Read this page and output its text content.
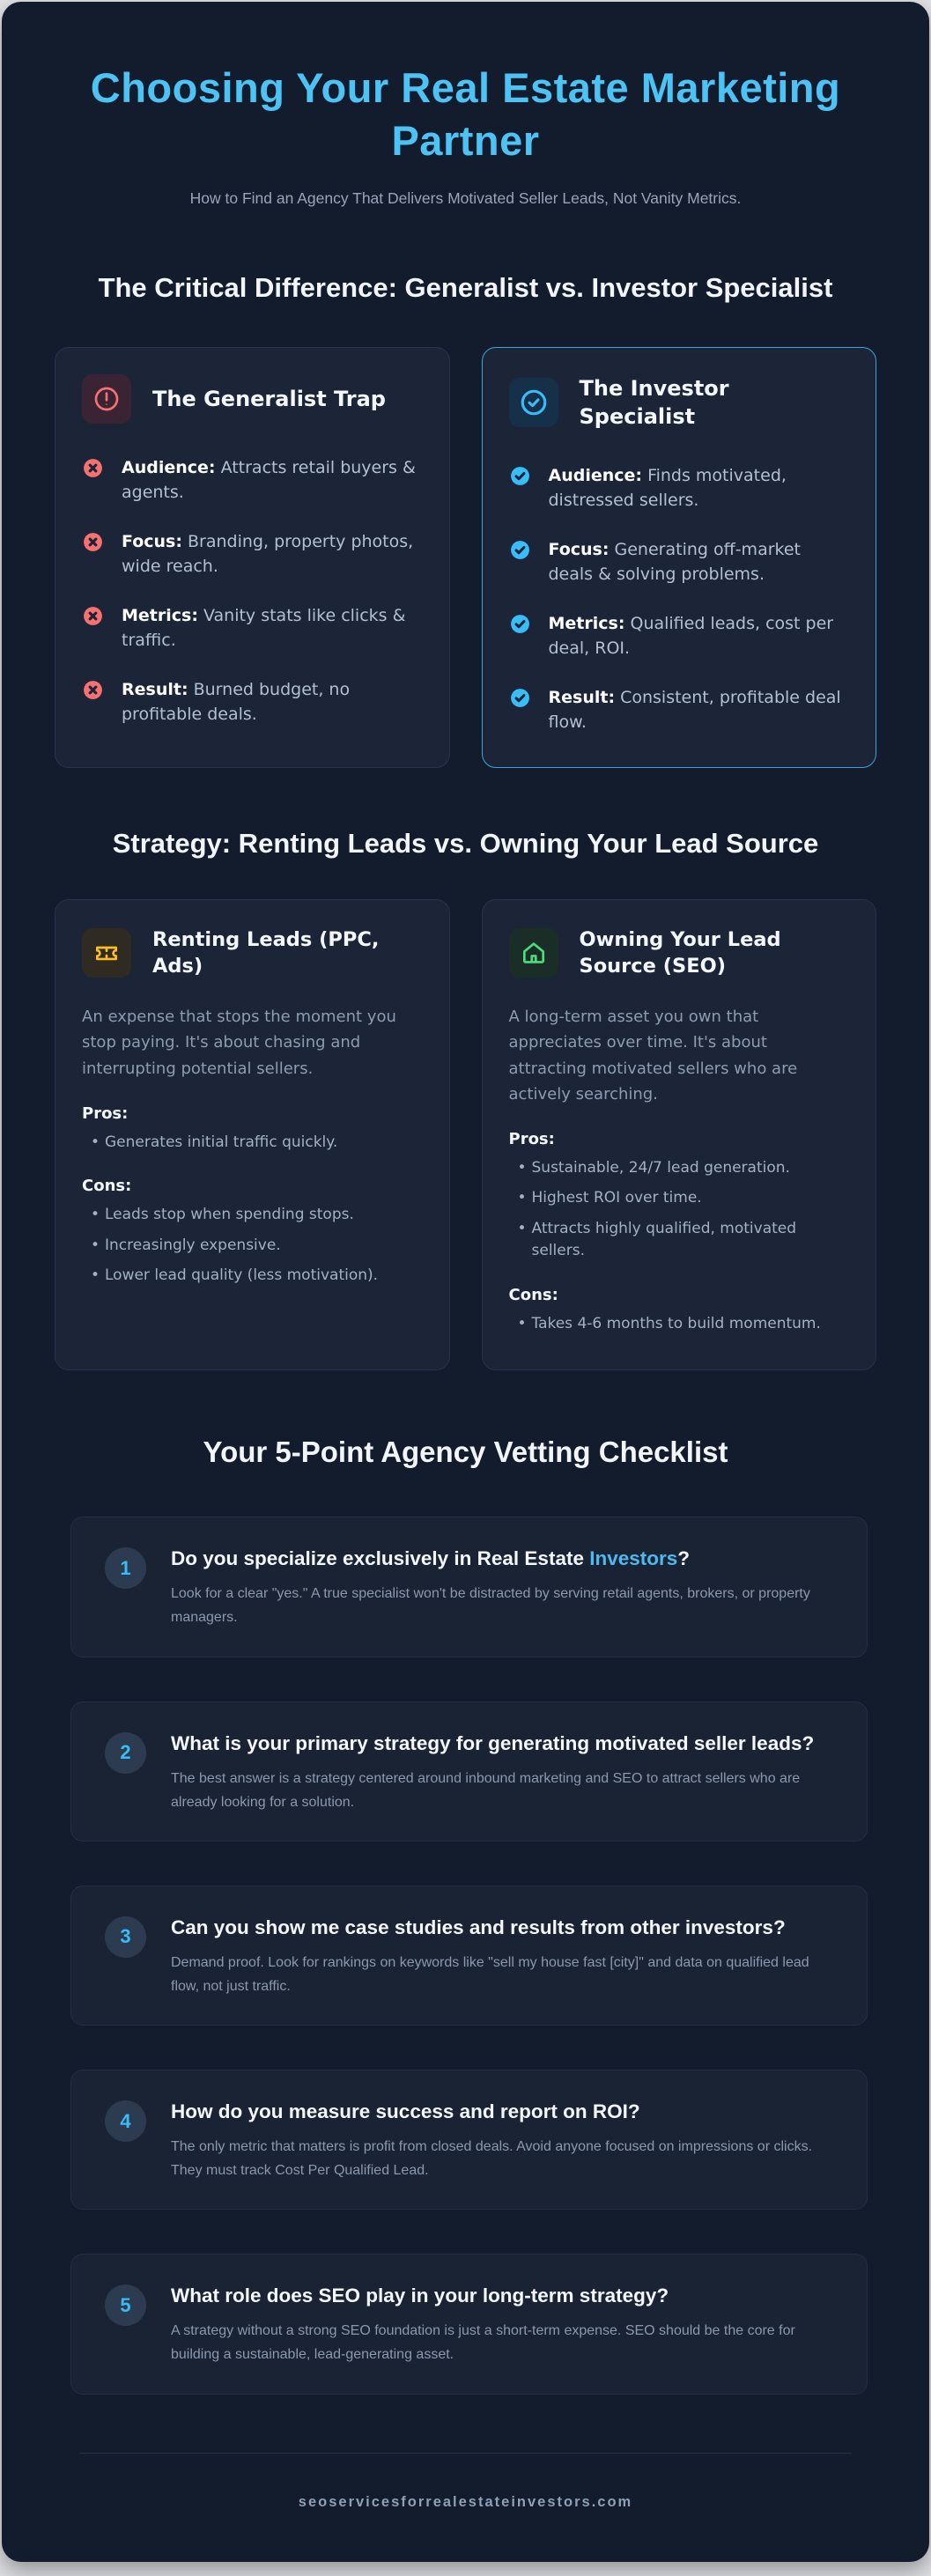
Choosing Your Real Estate Marketing Partner

How to Find an Agency That Delivers Motivated Seller Leads, Not Vanity Metrics.

The Critical Difference: Generalist vs. Investor Specialist
The Generalist Trap
Audience: Attracts retail buyers & agents.
Focus: Branding, property photos, wide reach.
Metrics: Vanity stats like clicks & traffic.
Result: Burned budget, no profitable deals.
The Investor Specialist
Audience: Finds motivated, distressed sellers.
Focus: Generating off-market deals & solving problems.
Metrics: Qualified leads, cost per deal, ROI.
Result: Consistent, profitable deal flow.
Strategy: Renting Leads vs. Owning Your Lead Source
Renting Leads (PPC, Ads)

An expense that stops the moment you stop paying. It's about chasing and interrupting potential sellers.

Pros:
• Generates initial traffic quickly.
Cons:
• Leads stop when spending stops.
• Increasingly expensive.
• Lower lead quality (less motivation).
Owning Your Lead Source (SEO)

A long-term asset you own that appreciates over time. It's about attracting motivated sellers who are actively searching.

Pros:
• Sustainable, 24/7 lead generation.
• Highest ROI over time.
• Attracts highly qualified, motivated sellers.
Cons:
• Takes 4-6 months to build momentum.
Your 5-Point Agency Vetting Checklist
1	Do you specialize exclusively in Real Estate Investors?

Look for a clear "yes." A true specialist won't be distracted by serving retail agents, brokers, or property managers.

2	What is your primary strategy for generating motivated seller leads?

The best answer is a strategy centered around inbound marketing and SEO to attract sellers who are already looking for a solution.

3	Can you show me case studies and results from other investors?

Demand proof. Look for rankings on keywords like "sell my house fast [city]" and data on qualified lead flow, not just traffic.

4	How do you measure success and report on ROI?

The only metric that matters is profit from closed deals. Avoid anyone focused on impressions or clicks. They must track Cost Per Qualified Lead.

5	What role does SEO play in your long-term strategy?

A strategy without a strong SEO foundation is just a short-term expense. SEO should be the core for building a sustainable, lead-generating asset.

seoservicesforrealestateinvestors.com
